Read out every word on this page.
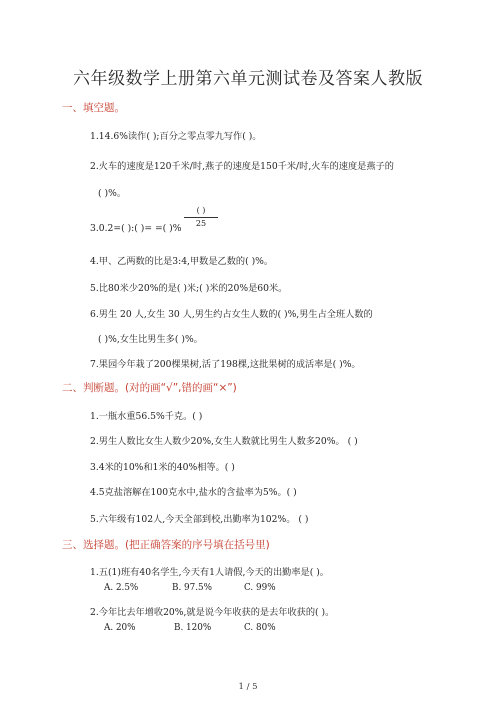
六年级数学上册第六单元测试卷及答案人教版
一、填空题。
1.14.6%读作( );百分之零点零九写作( )。
2.火车的速度是120千米/时,燕子的速度是150千米/时,火车的速度是燕子的
( )%。
3.0.2=( ):( )= =( )%
( )
25
4.甲、乙两数的比是3:4,甲数是乙数的( )%。
5.比80米少20%的是( )米;( )米的20%是60米。
6.男生 20 人,女生 30 人,男生约占女生人数的( )%,男生占全班人数的
( )%,女生比男生多( )%。
7.果园今年栽了200棵果树,活了198棵,这批果树的成活率是( )%。
二、判断题。(对的画“√”,错的画“×”)
1.一瓶水重56.5%千克。( )
2.男生人数比女生人数少20%,女生人数就比男生人数多20%。 ( )
3.4米的10%和1米的40%相等。( )
4.5克盐溶解在100克水中,盐水的含盐率为5%。( )
5.六年级有102人,今天全部到校,出勤率为102%。 ( )
三、选择题。(把正确答案的序号填在括号里)
1.五(1)班有40名学生,今天有1人请假,今天的出勤率是( )。
A. 2.5%	B. 97.5%	C. 99%
2.今年比去年增收20%,就是说今年收获的是去年收获的( )。
A. 20%	B. 120%	C. 80%
1 / 5
